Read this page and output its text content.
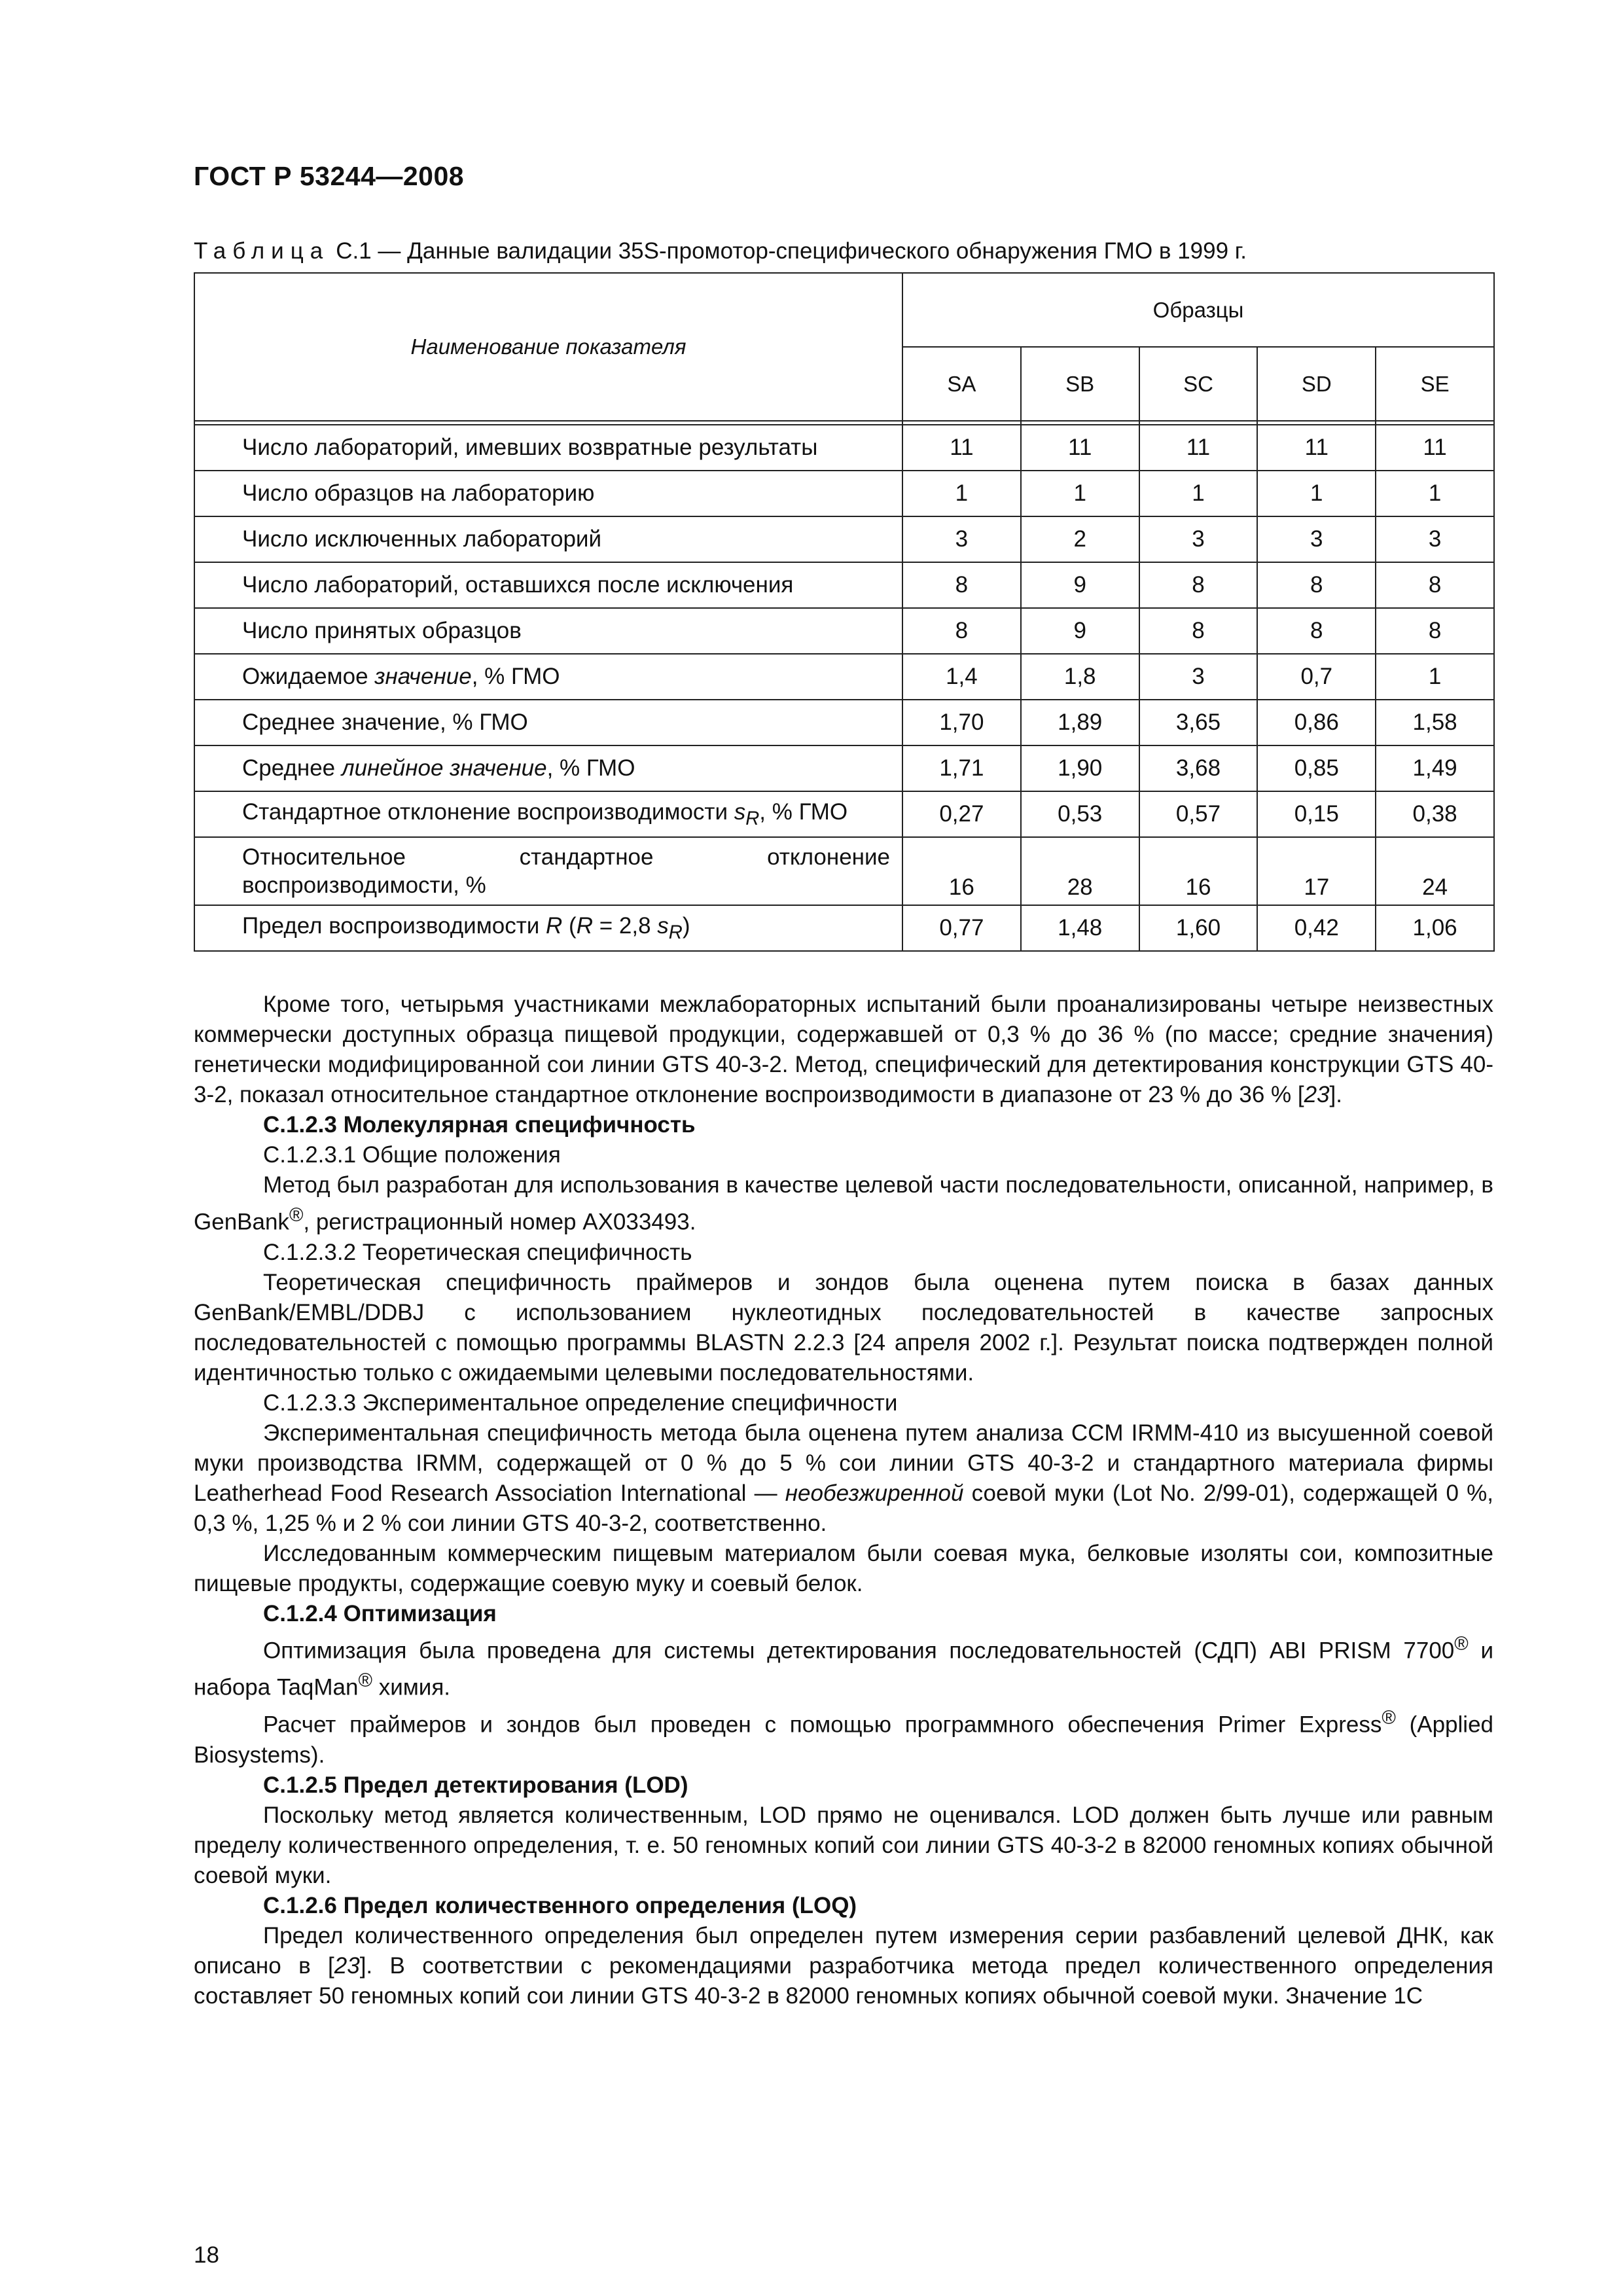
ГОСТ Р 53244—2008
Таблица C.1 — Данные валидации 35S-промотор-специфического обнаружения ГМО в 1999 г.
Наименование показателя	Образцы				
	SA	SB	SC	SD	SE

Число лабораторий, имевших возвратные результаты	11	11	11	11	11
Число образцов на лабораторию	1	1	1	1	1
Число исключенных лабораторий	3	2	3	3	3
Число лабораторий, оставшихся после исключения	8	9	8	8	8
Число принятых образцов	8	9	8	8	8
Ожидаемое значение, % ГМО	1,4	1,8	3	0,7	1
Среднее значение, % ГМО	1,70	1,89	3,65	0,86	1,58
Среднее линейное значение, % ГМО	1,71	1,90	3,68	0,85	1,49
Стандартное отклонение воспроизводимости $s_R$, % ГМО	0,27	0,53	0,57	0,15	0,38
Относительное стандартное отклонение воспроизводимости, %	16	28	16	17	24
Предел воспроизводимости R (R = 2,8 $s_R$)	0,77	1,48	1,60	0,42	1,06

Кроме того, четырьмя участниками межлабораторных испытаний были проанализированы четыре неизвестных коммерчески доступных образца пищевой продукции, содержавшей от 0,3 % до 36 % (по массе; средние значения) генетически модифицированной сои линии GTS 40-3-2. Метод, специфический для детектирования конструкции GTS 40-3-2, показал относительное стандартное отклонение воспроизводимости в диапазоне от 23 % до 36 % [23].

С.1.2.3 Молекулярная специфичность

С.1.2.3.1 Общие положения

Метод был разработан для использования в качестве целевой части последовательности, описанной, например, в GenBank®, регистрационный номер AX033493.

С.1.2.3.2 Теоретическая специфичность

Теоретическая специфичность праймеров и зондов была оценена путем поиска в базах данных GenBank/EMBL/DDBJ с использованием нуклеотидных последовательностей в качестве запросных последовательностей с помощью программы BLASTN 2.2.3 [24 апреля 2002 г.]. Результат поиска подтвержден полной идентичностью только с ожидаемыми целевыми последовательностями.

С.1.2.3.3 Экспериментальное определение специфичности

Экспериментальная специфичность метода была оценена путем анализа CCM IRMM-410 из высушенной соевой муки производства IRMM, содержащей от 0 % до 5 % сои линии GTS 40-3-2 и стандартного материала фирмы Leatherhead Food Research Association International — необезжиренной соевой муки (Lot No. 2/99-01), содержащей 0 %, 0,3 %, 1,25 % и 2 % сои линии GTS 40-3-2, соответственно.

Исследованным коммерческим пищевым материалом были соевая мука, белковые изоляты сои, композитные пищевые продукты, содержащие соевую муку и соевый белок.

С.1.2.4 Оптимизация

Оптимизация была проведена для системы детектирования последовательностей (СДП) ABI PRISM 7700® и набора TaqMan® химия.

Расчет праймеров и зондов был проведен с помощью программного обеспечения Primer Express® (Applied Biosystems).

С.1.2.5 Предел детектирования (LOD)

Поскольку метод является количественным, LOD прямо не оценивался. LOD должен быть лучше или равным пределу количественного определения, т. е. 50 геномных копий сои линии GTS 40-3-2 в 82000 геномных копиях обычной соевой муки.

С.1.2.6 Предел количественного определения (LOQ)

Предел количественного определения был определен путем измерения серии разбавлений целевой ДНК, как описано в [23]. В соответствии с рекомендациями разработчика метода предел количественного определения составляет 50 геномных копий сои линии GTS 40-3-2 в 82000 геномных копиях обычной соевой муки. Значение 1С

18
